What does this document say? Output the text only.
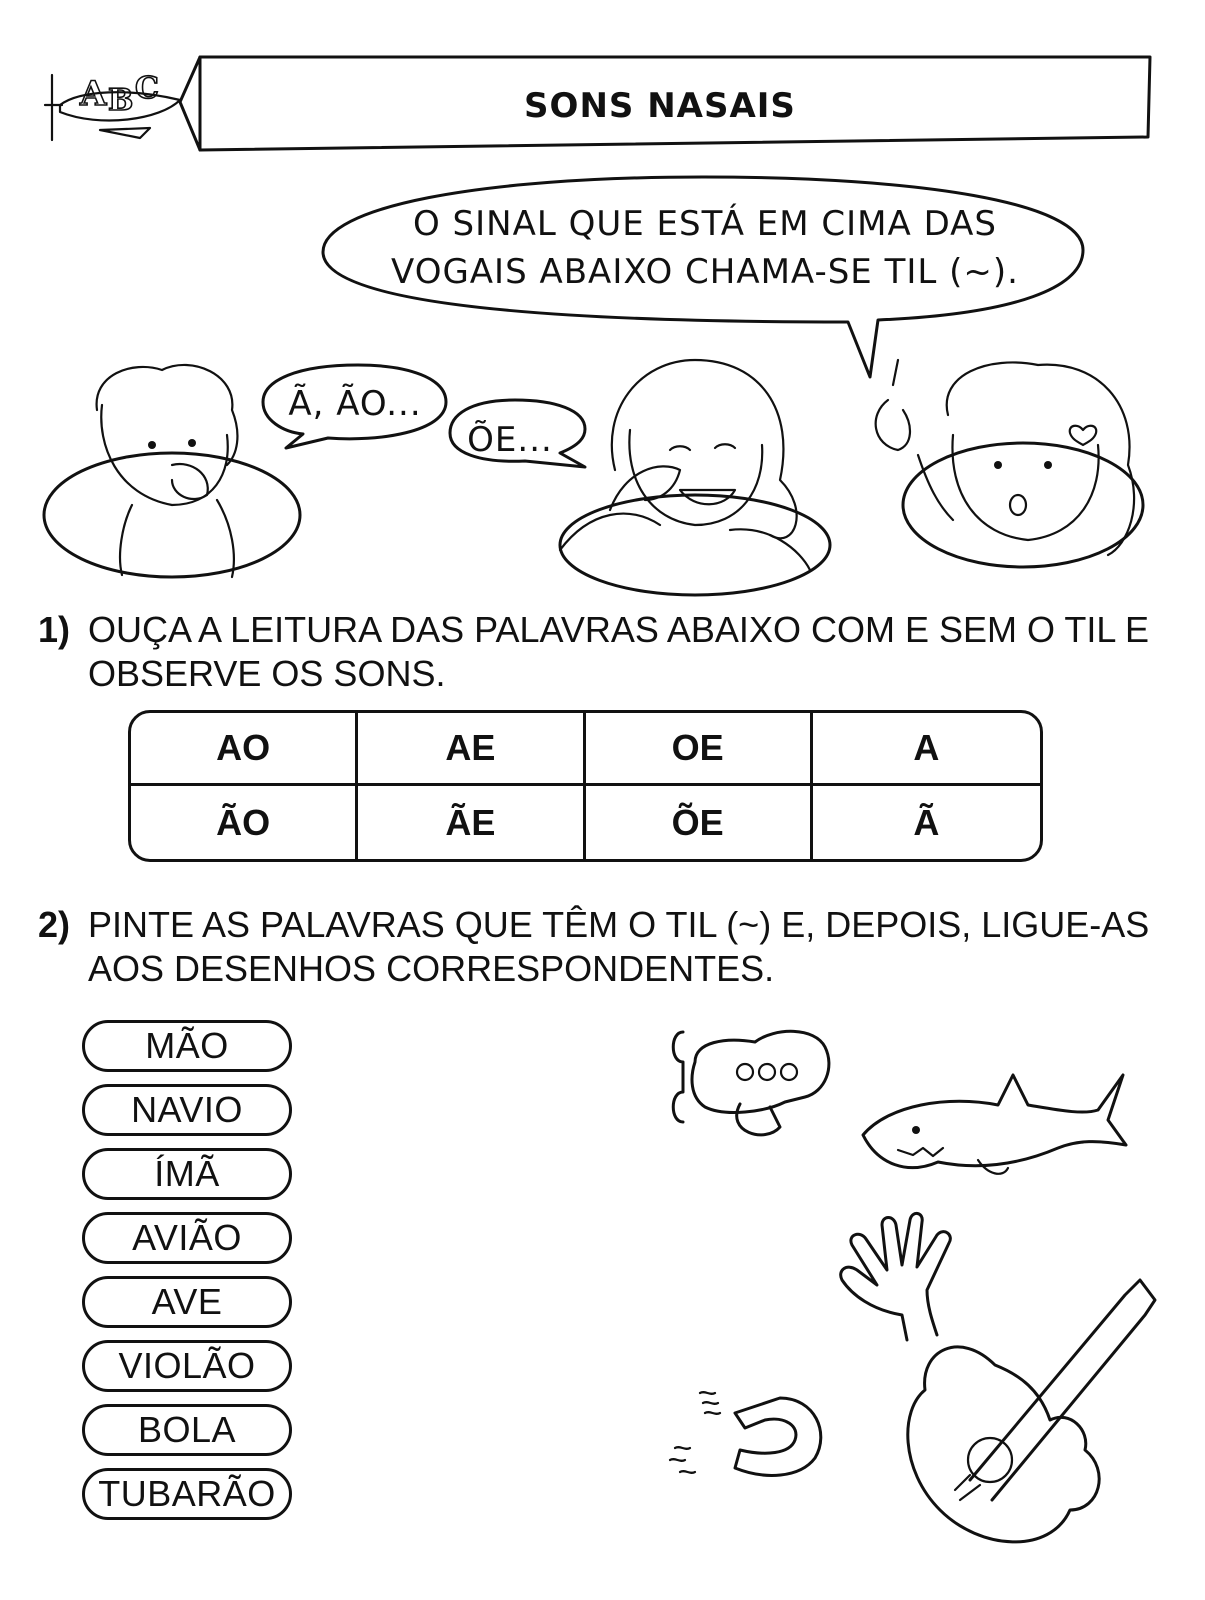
A B C	SONS NASAIS
O SINAL QUE ESTÁ EM CIMA DAS VOGAIS ABAIXO CHAMA-SE TIL (~).
Ã, ÃO...
ÕE...
1) OUÇA A LEITURA DAS PALAVRAS ABAIXO COM E SEM O TIL E OBSERVE OS SONS.
AO	AE	OE	A
ÃO	ÃE	ÕE	Ã
2) PINTE AS PALAVRAS QUE TÊM O TIL (~) E, DEPOIS, LIGUE-AS AOS DESENHOS CORRESPONDENTES.
MÃO
NAVIO
ÍMÃ
AVIÃO
AVE
VIOLÃO
BOLA
TUBARÃO
